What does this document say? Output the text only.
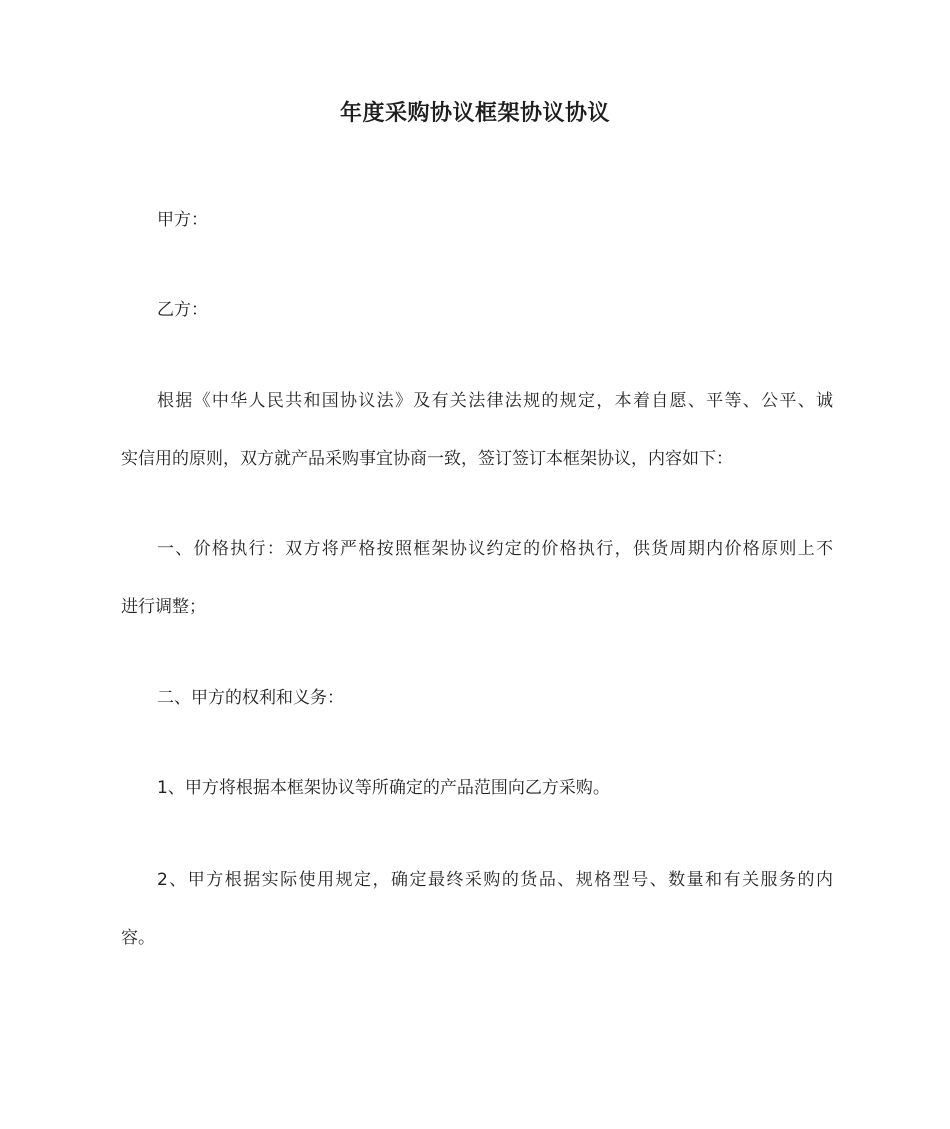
年度采购协议框架协议协议
甲方：
乙方：
根据《中华人民共和国协议法》及有关法律法规的规定，本着自愿、平等、公平、诚
实信用的原则，双方就产品采购事宜协商一致，签订签订本框架协议，内容如下：
一、价格执行：双方将严格按照框架协议约定的价格执行，供货周期内价格原则上不
进行调整；
二、甲方的权利和义务：
1、甲方将根据本框架协议等所确定的产品范围向乙方采购。
2、甲方根据实际使用规定，确定最终采购的货品、规格型号、数量和有关服务的内
容。
